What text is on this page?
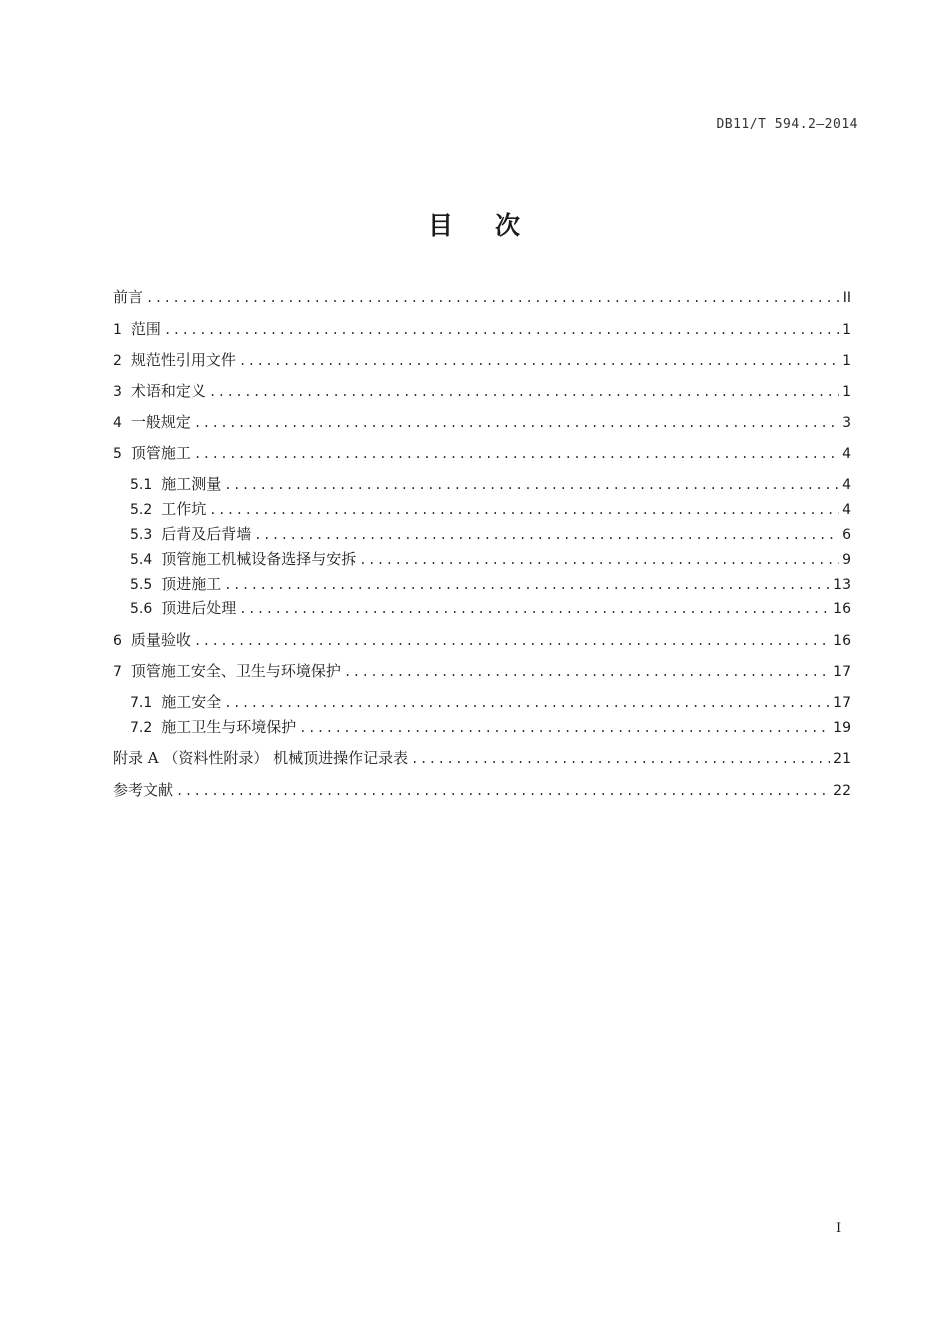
DB11/T 594.2—2014
目 次
前言 .....	II
1 范围 .....	1
2 规范性引用文件 .....	1
3 术语和定义 .....	1
4 一般规定 .....	3
5 顶管施工 .....	4
5.1 施工测量 .....	4
5.2 工作坑 .....	4
5.3 后背及后背墙 .....	6
5.4 顶管施工机械设备选择与安拆 .....	9
5.5 顶进施工 .....	13
5.6 顶进后处理 .....	16
6 质量验收 .....	16
7 顶管施工安全、卫生与环境保护 .....	17
7.1 施工安全 .....	17
7.2 施工卫生与环境保护 .....	19
附录 A （资料性附录） 机械顶进操作记录表 .....	21
参考文献 .....	22
I
